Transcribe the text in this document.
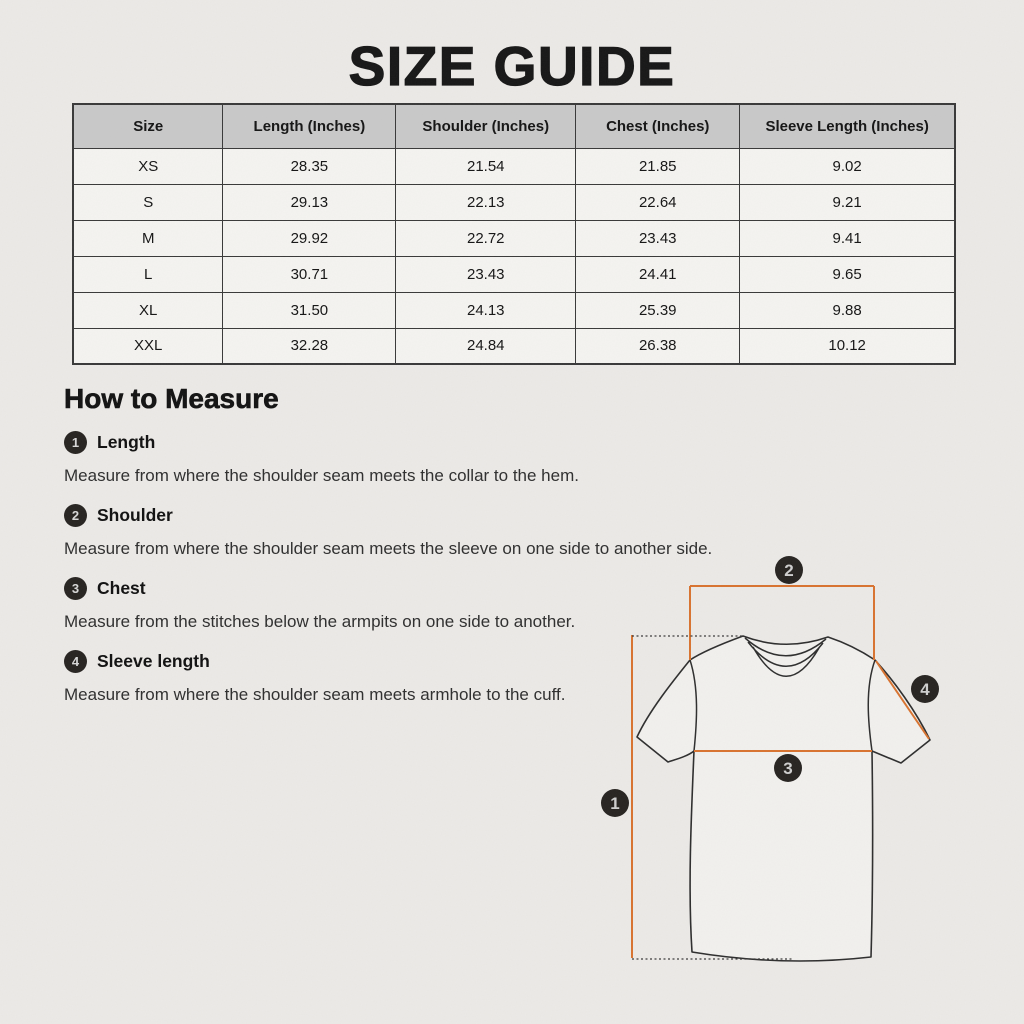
SIZE GUIDE
Size	Length (Inches)	Shoulder (Inches)	Chest (Inches)	Sleeve Length (Inches)
XS	28.35	21.54	21.85	9.02
S	29.13	22.13	22.64	9.21
M	29.92	22.72	23.43	9.41
L	30.71	23.43	24.41	9.65
XL	31.50	24.13	25.39	9.88
XXL	32.28	24.84	26.38	10.12
How to Measure
1	Length

Measure from where the shoulder seam meets the collar to the hem.

2	Shoulder

Measure from where the shoulder seam meets the sleeve on one side to another side.

3	Chest

Measure from the stitches below the armpits on one side to another.

4	Sleeve length

Measure from where the shoulder seam meets armhole to the cuff.

1
2
3
4
